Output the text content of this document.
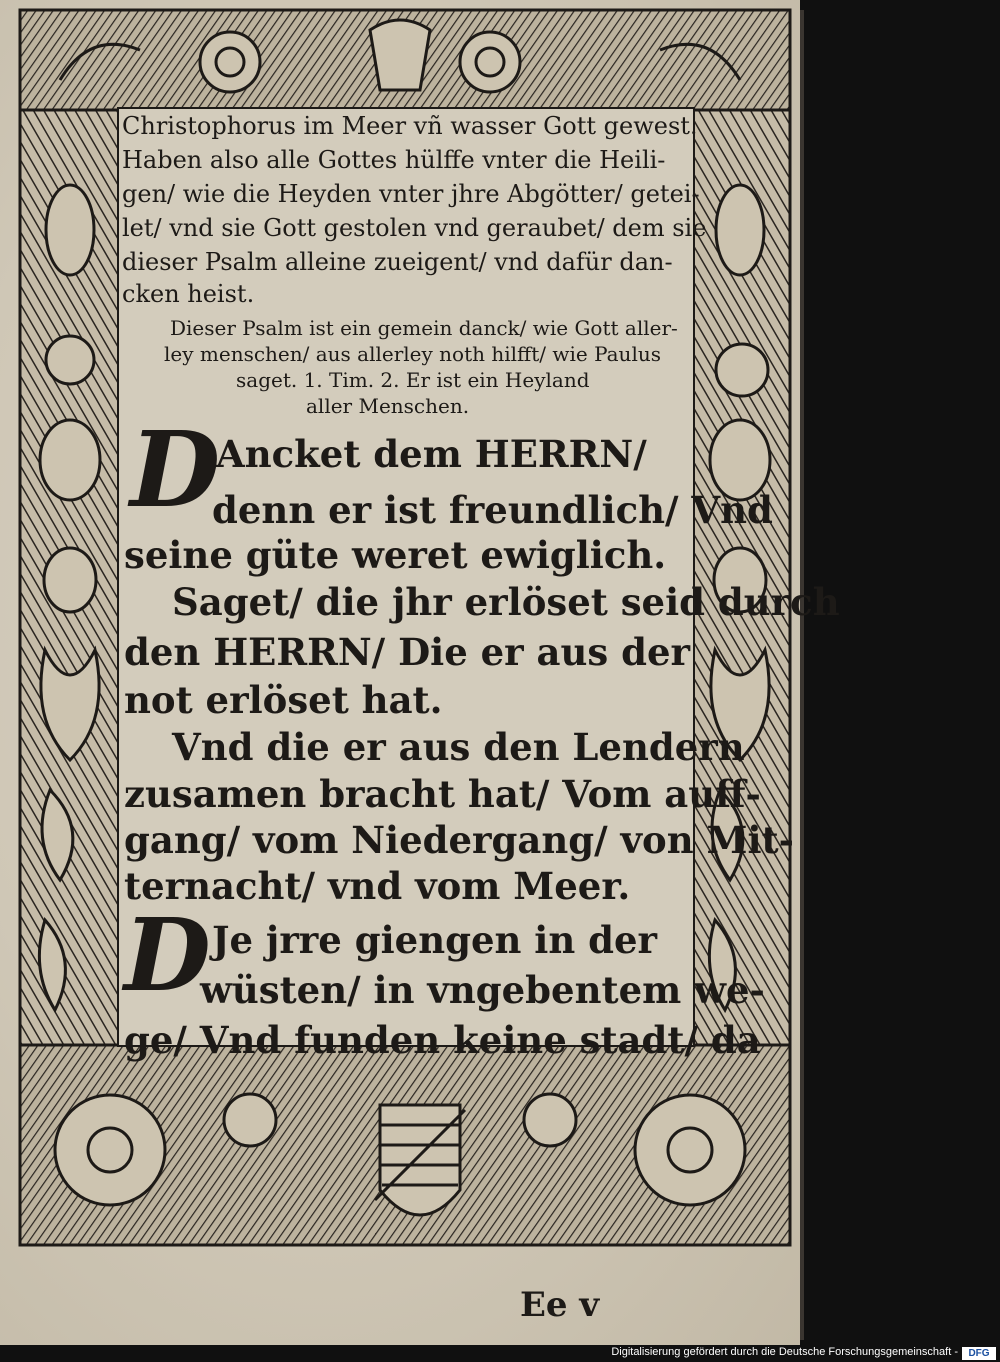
Christophorus im Meer vñ wasser Gott gewest.
Haben also alle Gottes hülffe vnter die Heili-
gen/ wie die Heyden vnter jhre Abgötter/ getei-
let/ vnd sie Gott gestolen vnd geraubet/ dem sie
dieser Psalm alleine zueigent/ vnd dafür dan-
cken heist.
Dieser Psalm ist ein gemein danck/ wie Gott aller-
ley menschen/ aus allerley noth hilfft/ wie Paulus
saget. 1. Tim. 2. Er ist ein Heyland
aller Menschen.
D
Ancket dem HERRN/
denn er ist freundlich/ Vnd
seine güte weret ewiglich.
Saget/ die jhr erlöset seid durch
den HERRN/ Die er aus der
not erlöset hat.
Vnd die er aus den Lendern
zusamen bracht hat/ Vom auff-
gang/ vom Niedergang/ von Mit-
ternacht/ vnd vom Meer.
D Je jrre giengen in der
wüsten/ in vngebentem we-
ge/ Vnd funden keine stadt/ da
Ee v
Digitalisierung gefördert durch die Deutsche Forschungsgemeinschaft -	DFG
